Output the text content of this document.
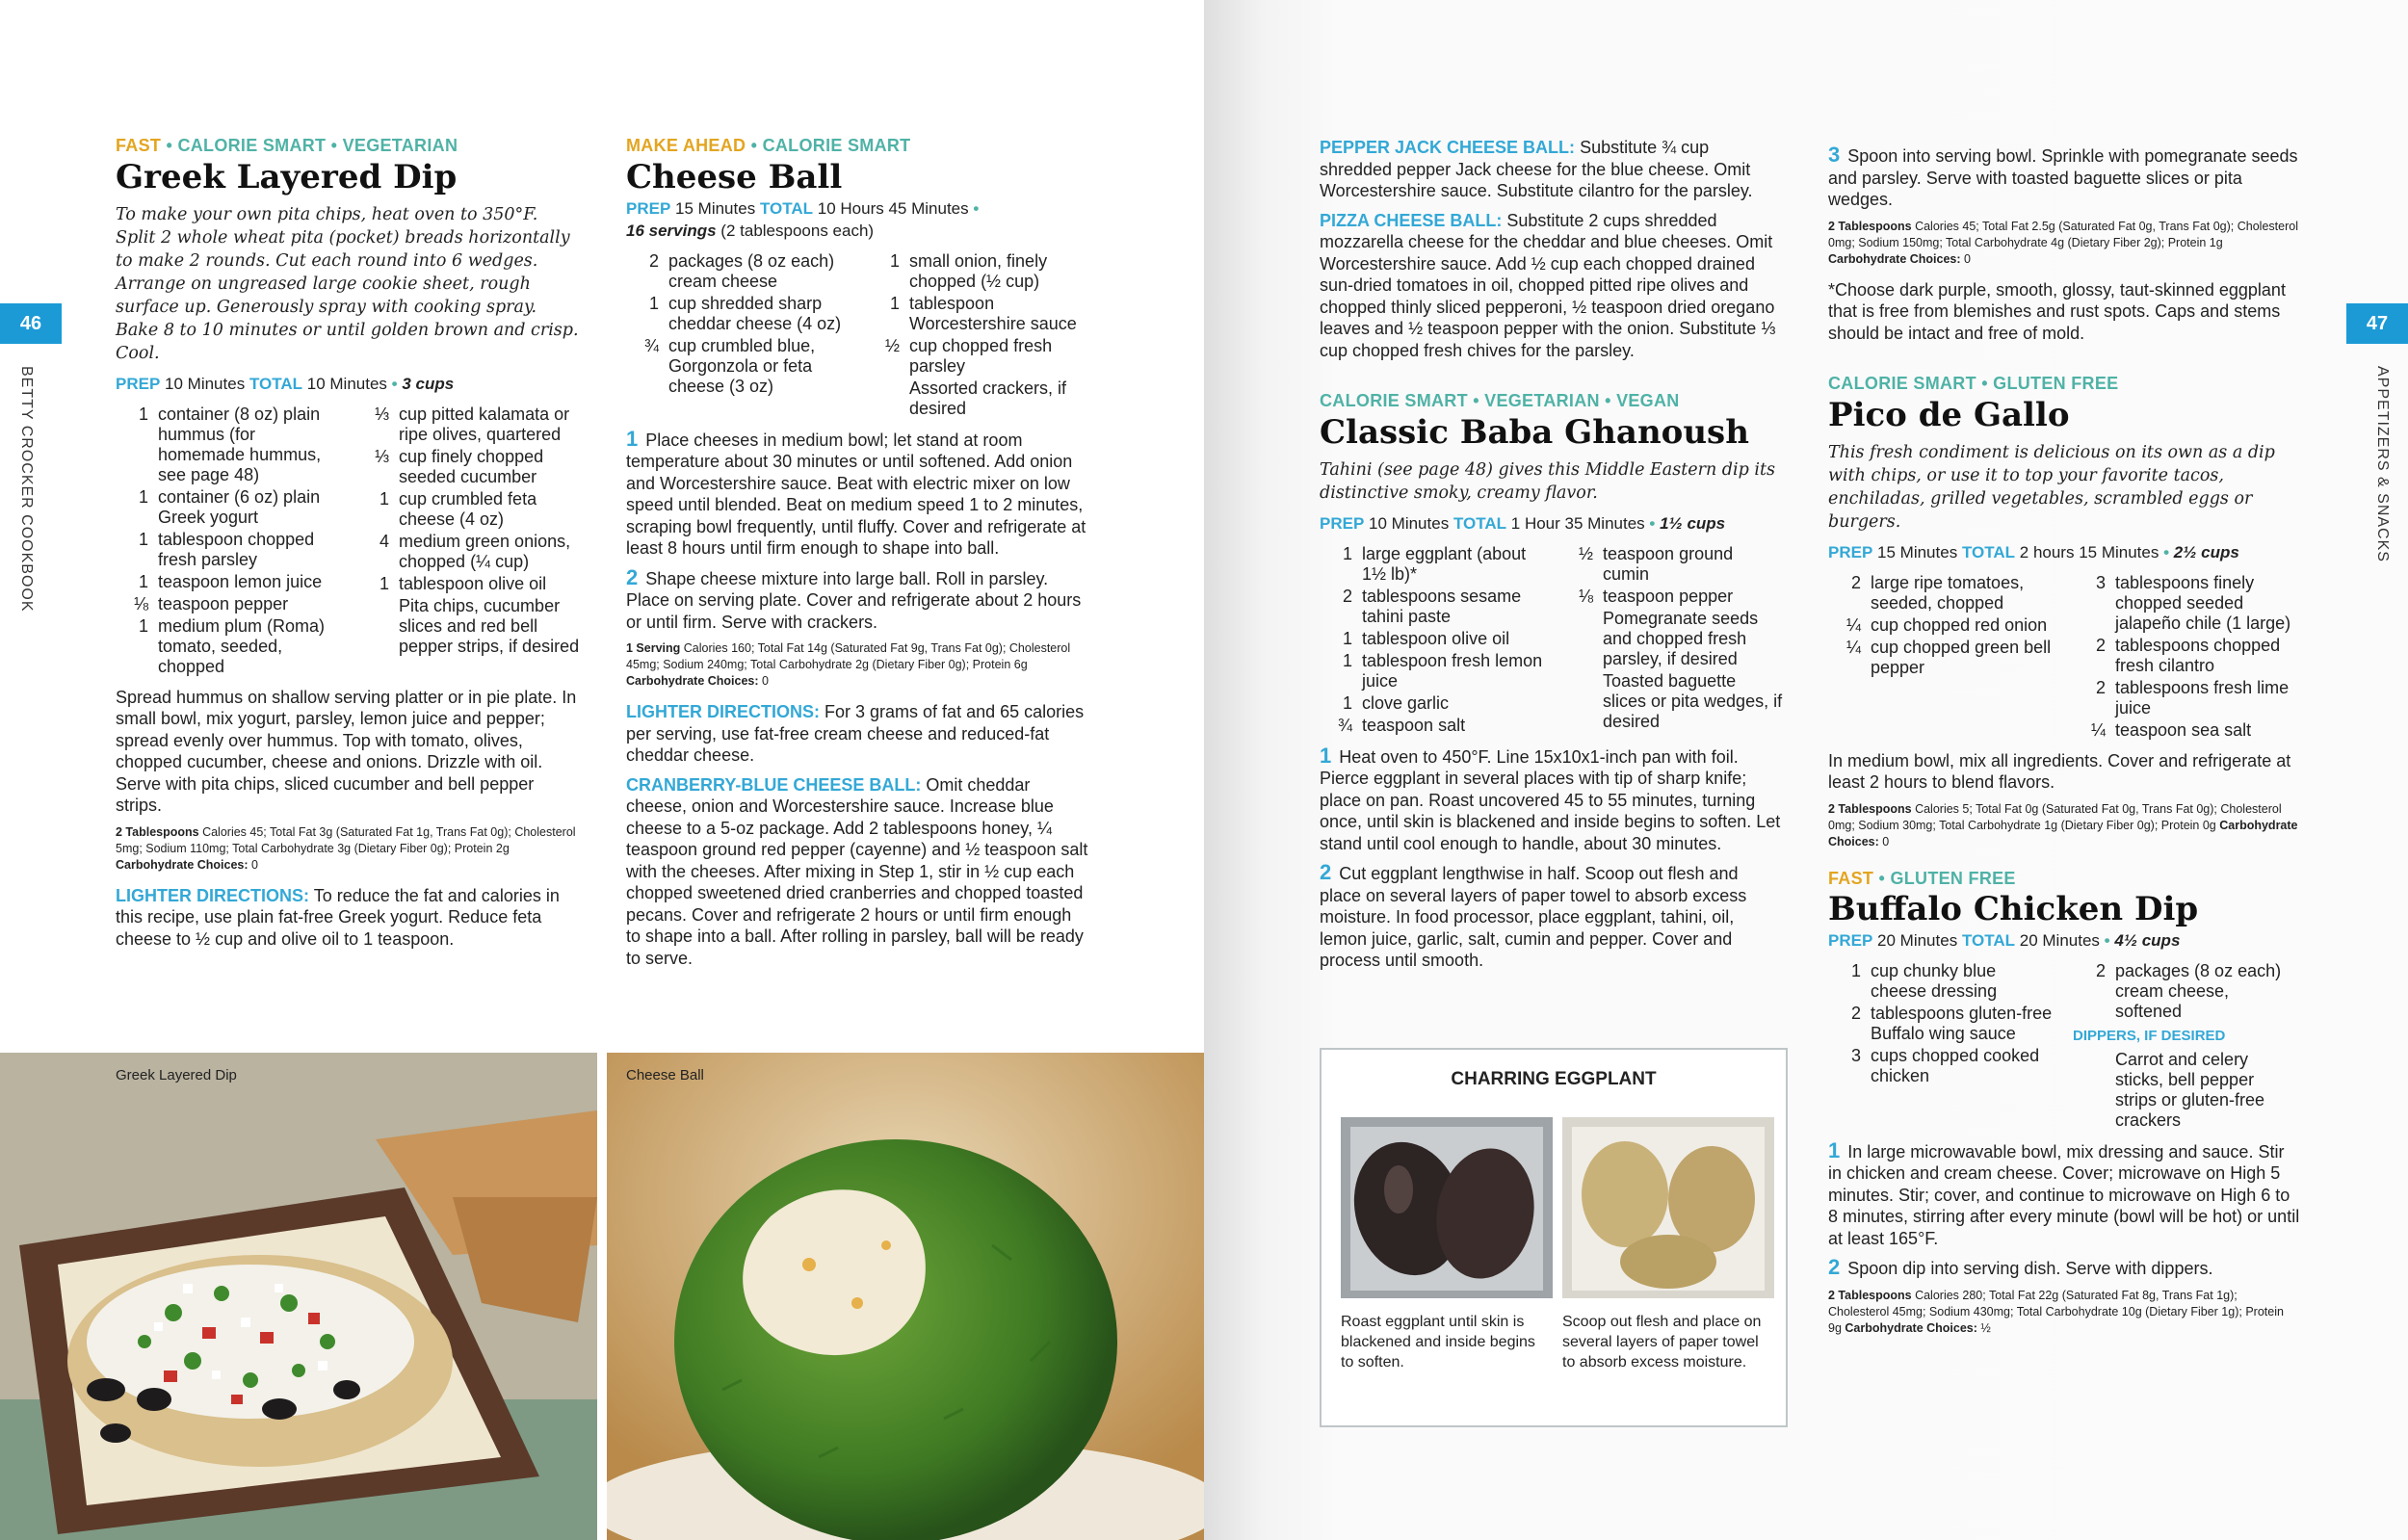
46
BETTY CROCKER COOKBOOK
FAST • CALORIE SMART • VEGETARIAN
Greek Layered Dip

To make your own pita chips, heat oven to 350°F. Split 2 whole wheat pita (pocket) breads horizontally to make 2 rounds. Cut each round into 6 wedges. Arrange on ungreased large cookie sheet, rough surface up. Generously spray with cooking spray. Bake 8 to 10 minutes or until golden brown and crisp. Cool.

PREP 10 Minutes TOTAL 10 Minutes • 3 cups
1 container (8 oz) plain hummus (for homemade hummus, see page 48)
1 container (6 oz) plain Greek yogurt
1 tablespoon chopped fresh parsley
1 teaspoon lemon juice
⅛ teaspoon pepper
1 medium plum (Roma) tomato, seeded, chopped
⅓ cup pitted kalamata or ripe olives, quartered
⅓ cup finely chopped seeded cucumber
1 cup crumbled feta cheese (4 oz)
4 medium green onions, chopped (¼ cup)
1 tablespoon olive oil
Pita chips, cucumber slices and red bell pepper strips, if desired

Spread hummus on shallow serving platter or in pie plate. In small bowl, mix yogurt, parsley, lemon juice and pepper; spread evenly over hummus. Top with tomato, olives, chopped cucumber, cheese and onions. Drizzle with oil. Serve with pita chips, sliced cucumber and bell pepper strips.

2 Tablespoons Calories 45; Total Fat 3g (Saturated Fat 1g, Trans Fat 0g); Cholesterol 5mg; Sodium 110mg; Total Carbohydrate 3g (Dietary Fiber 0g); Protein 2g Carbohydrate Choices: 0

LIGHTER DIRECTIONS: To reduce the fat and calories in this recipe, use plain fat-free Greek yogurt. Reduce feta cheese to ½ cup and olive oil to 1 teaspoon.

MAKE AHEAD • CALORIE SMART
Cheese Ball
PREP 15 Minutes TOTAL 10 Hours 45 Minutes •
16 servings (2 tablespoons each)
2 packages (8 oz each) cream cheese
1 cup shredded sharp cheddar cheese (4 oz)
¾ cup crumbled blue, Gorgonzola or feta cheese (3 oz)
1 small onion, finely chopped (½ cup)
1 tablespoon Worcestershire sauce
½ cup chopped fresh parsley
Assorted crackers, if desired

1 Place cheeses in medium bowl; let stand at room temperature about 30 minutes or until softened. Add onion and Worcestershire sauce. Beat with electric mixer on low speed until blended. Beat on medium speed 1 to 2 minutes, scraping bowl frequently, until fluffy. Cover and refrigerate at least 8 hours until firm enough to shape into ball.

2 Shape cheese mixture into large ball. Roll in parsley. Place on serving plate. Cover and refrigerate about 2 hours or until firm. Serve with crackers.

1 Serving Calories 160; Total Fat 14g (Saturated Fat 9g, Trans Fat 0g); Cholesterol 45mg; Sodium 240mg; Total Carbohydrate 2g (Dietary Fiber 0g); Protein 6g Carbohydrate Choices: 0

LIGHTER DIRECTIONS: For 3 grams of fat and 65 calories per serving, use fat-free cream cheese and reduced-fat cheddar cheese.

CRANBERRY-BLUE CHEESE BALL: Omit cheddar cheese, onion and Worcestershire sauce. Increase blue cheese to a 5-oz package. Add 2 tablespoons honey, ¼ teaspoon ground red pepper (cayenne) and ½ teaspoon salt with the cheeses. After mixing in Step 1, stir in ½ cup each chopped sweetened dried cranberries and chopped toasted pecans. Cover and refrigerate 2 hours or until firm enough to shape into a ball. After rolling in parsley, ball will be ready to serve.

Greek Layered Dip	Cheese Ball
47
APPETIZERS & SNACKS

PEPPER JACK CHEESE BALL: Substitute ¾ cup shredded pepper Jack cheese for the blue cheese. Omit Worcestershire sauce. Substitute cilantro for the parsley.

PIZZA CHEESE BALL: Substitute 2 cups shredded mozzarella cheese for the cheddar and blue cheeses. Omit Worcestershire sauce. Add ½ cup each chopped drained sun-dried tomatoes in oil, chopped pitted ripe olives and chopped thinly sliced pepperoni, ½ teaspoon dried oregano leaves and ½ teaspoon pepper with the onion. Substitute ⅓ cup chopped fresh chives for the parsley.

CALORIE SMART • VEGETARIAN • VEGAN
Classic Baba Ghanoush

Tahini (see page 48) gives this Middle Eastern dip its distinctive smoky, creamy flavor.

PREP 10 Minutes TOTAL 1 Hour 35 Minutes • 1½ cups
1 large eggplant (about 1½ lb)*
2 tablespoons sesame tahini paste
1 tablespoon olive oil
1 tablespoon fresh lemon juice
1 clove garlic
¾ teaspoon salt
½ teaspoon ground cumin
⅛ teaspoon pepper
Pomegranate seeds and chopped fresh parsley, if desired
Toasted baguette slices or pita wedges, if desired

1 Heat oven to 450°F. Line 15x10x1-inch pan with foil. Pierce eggplant in several places with tip of sharp knife; place on pan. Roast uncovered 45 to 55 minutes, turning once, until skin is blackened and inside begins to soften. Let stand until cool enough to handle, about 30 minutes.

2 Cut eggplant lengthwise in half. Scoop out flesh and place on several layers of paper towel to absorb excess moisture. In food processor, place eggplant, tahini, oil, lemon juice, garlic, salt, cumin and pepper. Cover and process until smooth.

CHARRING EGGPLANT
Roast eggplant until skin is blackened and inside begins to soften.
Scoop out flesh and place on several layers of paper towel to absorb excess moisture.

3 Spoon into serving bowl. Sprinkle with pomegranate seeds and parsley. Serve with toasted baguette slices or pita wedges.

2 Tablespoons Calories 45; Total Fat 2.5g (Saturated Fat 0g, Trans Fat 0g); Cholesterol 0mg; Sodium 150mg; Total Carbohydrate 4g (Dietary Fiber 2g); Protein 1g Carbohydrate Choices: 0

*Choose dark purple, smooth, glossy, taut-skinned eggplant that is free from blemishes and rust spots. Caps and stems should be intact and free of mold.

CALORIE SMART • GLUTEN FREE
Pico de Gallo

This fresh condiment is delicious on its own as a dip with chips, or use it to top your favorite tacos, enchiladas, grilled vegetables, scrambled eggs or burgers.

PREP 15 Minutes TOTAL 2 hours 15 Minutes • 2½ cups
2 large ripe tomatoes, seeded, chopped
¼ cup chopped red onion
¼ cup chopped green bell pepper
3 tablespoons finely chopped seeded jalapeño chile (1 large)
2 tablespoons chopped fresh cilantro
2 tablespoons fresh lime juice
¼ teaspoon sea salt

In medium bowl, mix all ingredients. Cover and refrigerate at least 2 hours to blend flavors.

2 Tablespoons Calories 5; Total Fat 0g (Saturated Fat 0g, Trans Fat 0g); Cholesterol 0mg; Sodium 30mg; Total Carbohydrate 1g (Dietary Fiber 0g); Protein 0g Carbohydrate Choices: 0

FAST • GLUTEN FREE
Buffalo Chicken Dip
PREP 20 Minutes TOTAL 20 Minutes • 4½ cups
1 cup chunky blue cheese dressing
2 tablespoons gluten-free Buffalo wing sauce
3 cups chopped cooked chicken
2 packages (8 oz each) cream cheese, softened
DIPPERS, IF DESIRED
Carrot and celery sticks, bell pepper strips or gluten-free crackers

1 In large microwavable bowl, mix dressing and sauce. Stir in chicken and cream cheese. Cover; microwave on High 5 minutes. Stir; cover, and continue to microwave on High 6 to 8 minutes, stirring after every minute (bowl will be hot) or until at least 165°F.

2 Spoon dip into serving dish. Serve with dippers.

2 Tablespoons Calories 280; Total Fat 22g (Saturated Fat 8g, Trans Fat 1g); Cholesterol 45mg; Sodium 430mg; Total Carbohydrate 10g (Dietary Fiber 1g); Protein 9g Carbohydrate Choices: ½
